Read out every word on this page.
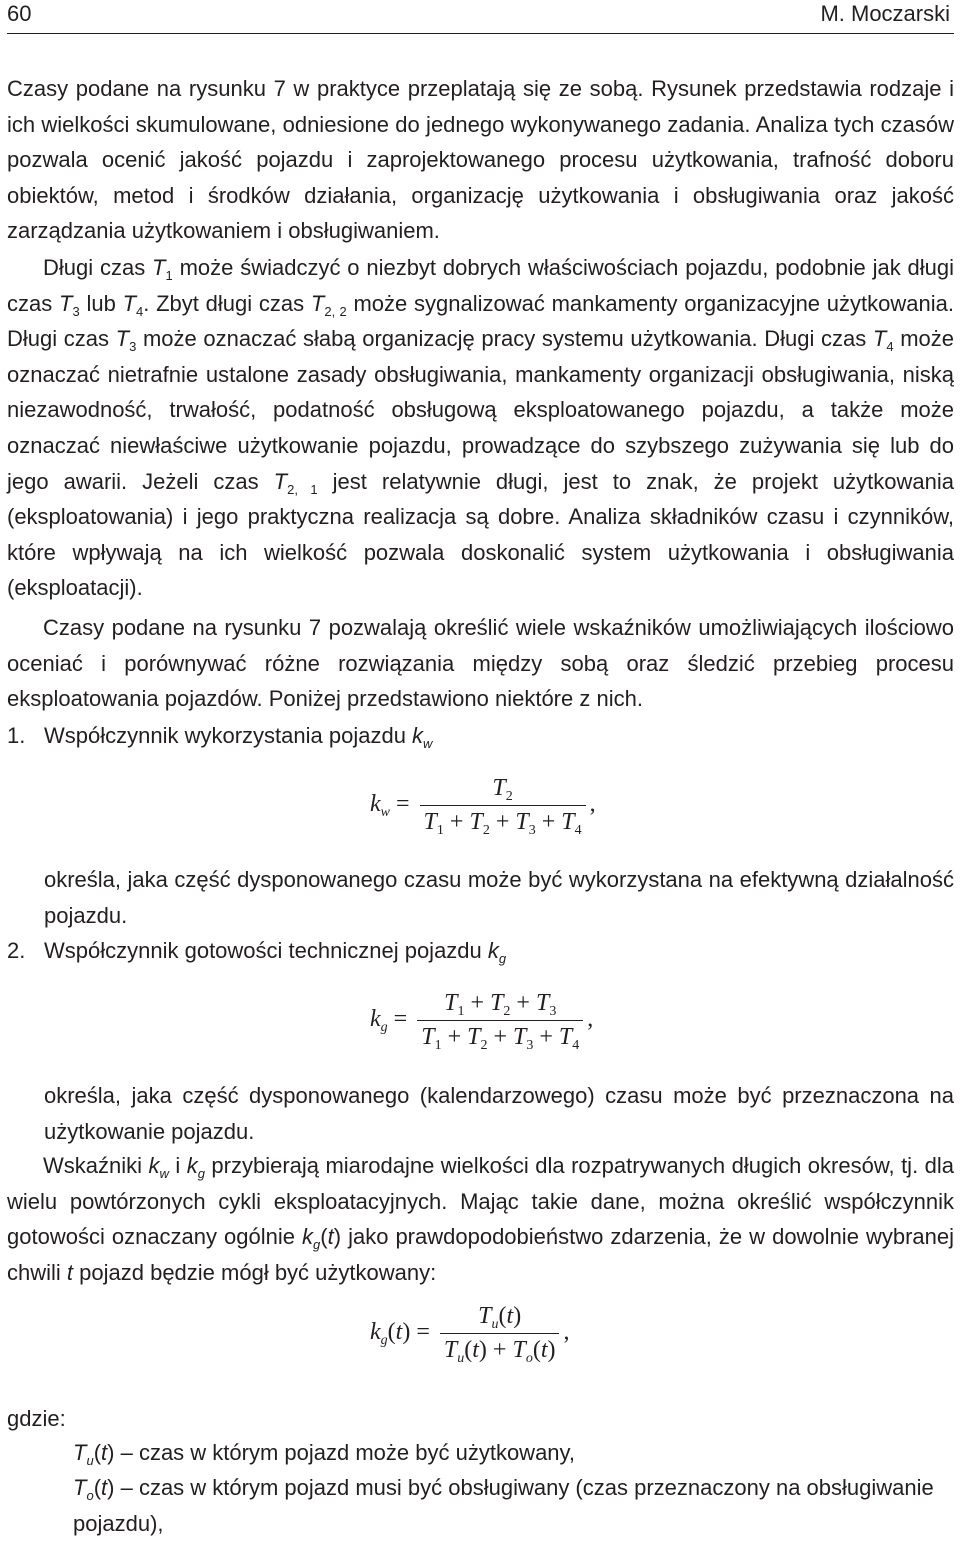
60	M. Moczarski

Czasy podane na rysunku 7 w praktyce przeplatają się ze sobą. Rysunek przedstawia rodzaje i ich wielkości skumulowane, odniesione do jednego wykonywanego zadania. Analiza tych czasów pozwala ocenić jakość pojazdu i zaprojektowanego procesu użytkowania, trafność doboru obiektów, metod i środków działania, organizację użytkowania i obsługiwania oraz jakość zarządzania użytkowaniem i obsługiwaniem.

Długi czas $T_1$ może świadczyć o niezbyt dobrych właściwościach pojazdu, podobnie jak długi czas $T_3$ lub $T_4$. Zbyt długi czas $T_{2, 2}$ może sygnalizować mankamenty organizacyjne użytkowania. Długi czas $T_3$ może oznaczać słabą organizację pracy systemu użytkowania. Długi czas $T_4$ może oznaczać nietrafnie ustalone zasady obsługiwania, mankamenty organizacji obsługiwania, niską niezawodność, trwałość, podatność obsługową eksploatowanego pojazdu, a także może oznaczać niewłaściwe użytkowanie pojazdu, prowadzące do szybszego zużywania się lub do jego awarii. Jeżeli czas $T_{2, 1}$ jest relatywnie długi, jest to znak, że projekt użytkowania (eksploatowania) i jego praktyczna realizacja są dobre. Analiza składników czasu i czynników, które wpływają na ich wielkość pozwala doskonalić system użytkowania i obsługiwania (eksploatacji).

Czasy podane na rysunku 7 pozwalają określić wiele wskaźników umożliwiających ilościowo oceniać i porównywać różne rozwiązania między sobą oraz śledzić przebieg procesu eksploatowania pojazdów. Poniżej przedstawiono niektóre z nich.

1. Współczynnik wykorzystania pojazdu $k_w$

$k_w = \frac{T_2}{T_1 + T_2 + T_3 + T_4}$ ,

określa, jaka część dysponowanego czasu może być wykorzystana na efektywną działalność pojazdu.

2. Współczynnik gotowości technicznej pojazdu $k_g$

$k_g = \frac{T_1 + T_2 + T_3}{T_1 + T_2 + T_3 + T_4}$ ,

określa, jaka część dysponowanego (kalendarzowego) czasu może być przeznaczona na użytkowanie pojazdu.

Wskaźniki $k_w$ i $k_g$ przybierają miarodajne wielkości dla rozpatrywanych długich okresów, tj. dla wielu powtórzonych cykli eksploatacyjnych. Mając takie dane, można określić współczynnik gotowości oznaczany ogólnie $k_g(t)$ jako prawdopodobieństwo zdarzenia, że w dowolnie wybranej chwili t pojazd będzie mógł być użytkowany:

$k_g(t) = \frac{T_u(t)}{T_u(t) + T_o(t)}$ ,
gdzie:

$T_u(t)$ – czas w którym pojazd może być użytkowany,

$T_o(t)$ – czas w którym pojazd musi być obsługiwany (czas przeznaczony na obsługiwanie pojazdu),
